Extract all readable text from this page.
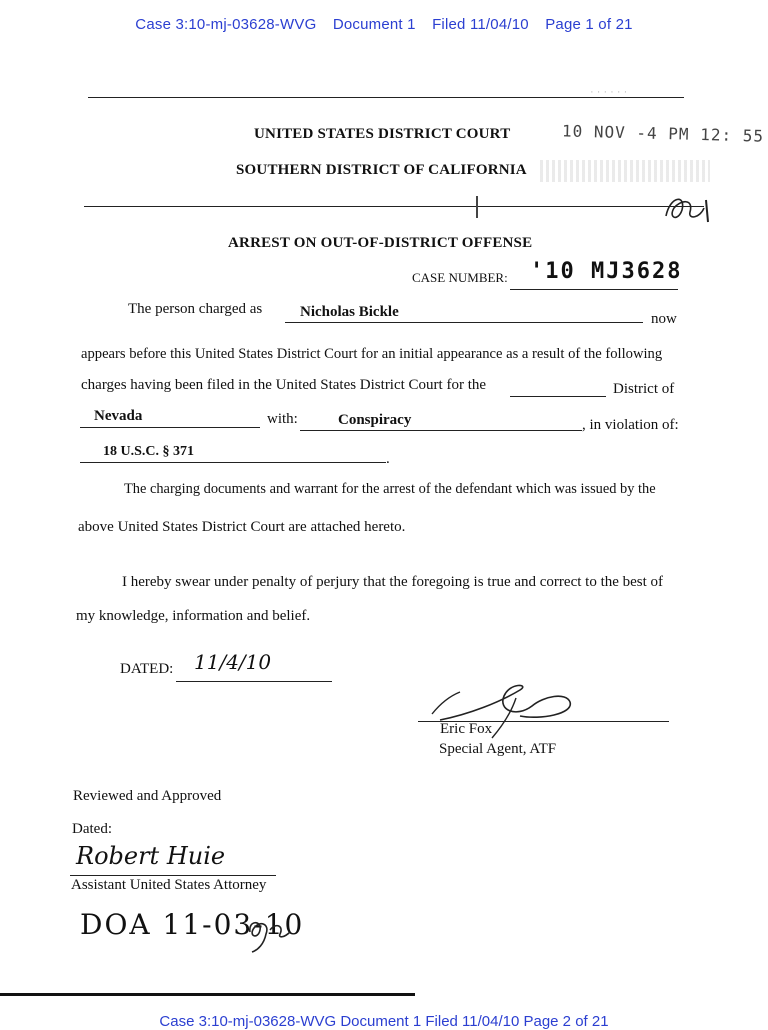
Case 3:10-mj-03628-WVG Document 1 Filed 11/04/10 Page 1 of 21
· · · · · ·
UNITED STATES DISTRICT COURT	10 NOV -4 PM 12: 55
SOUTHERN DISTRICT OF CALIFORNIA
ARREST ON OUT-OF-DISTRICT OFFENSE
CASE NUMBER: '10 MJ3628
The person charged as	Nicholas Bickle	now
appears before this United States District Court for an initial appearance as a result of the following
charges having been filed in the United States District Court for the	District of
Nevada	with:	Conspiracy	, in violation of:
18 U.S.C. § 371	.
The charging documents and warrant for the arrest of the defendant which was issued by the
above United States District Court are attached hereto.
I hereby swear under penalty of perjury that the foregoing is true and correct to the best of
my knowledge, information and belief.
DATED: 11/4/10
Eric Fox
Special Agent, ATF
Reviewed and Approved
Dated:
Robert Huie
Assistant United States Attorney
DOA 11-03-10
Case 3:10-mj-03628-WVG Document 1 Filed 11/04/10 Page 2 of 21
